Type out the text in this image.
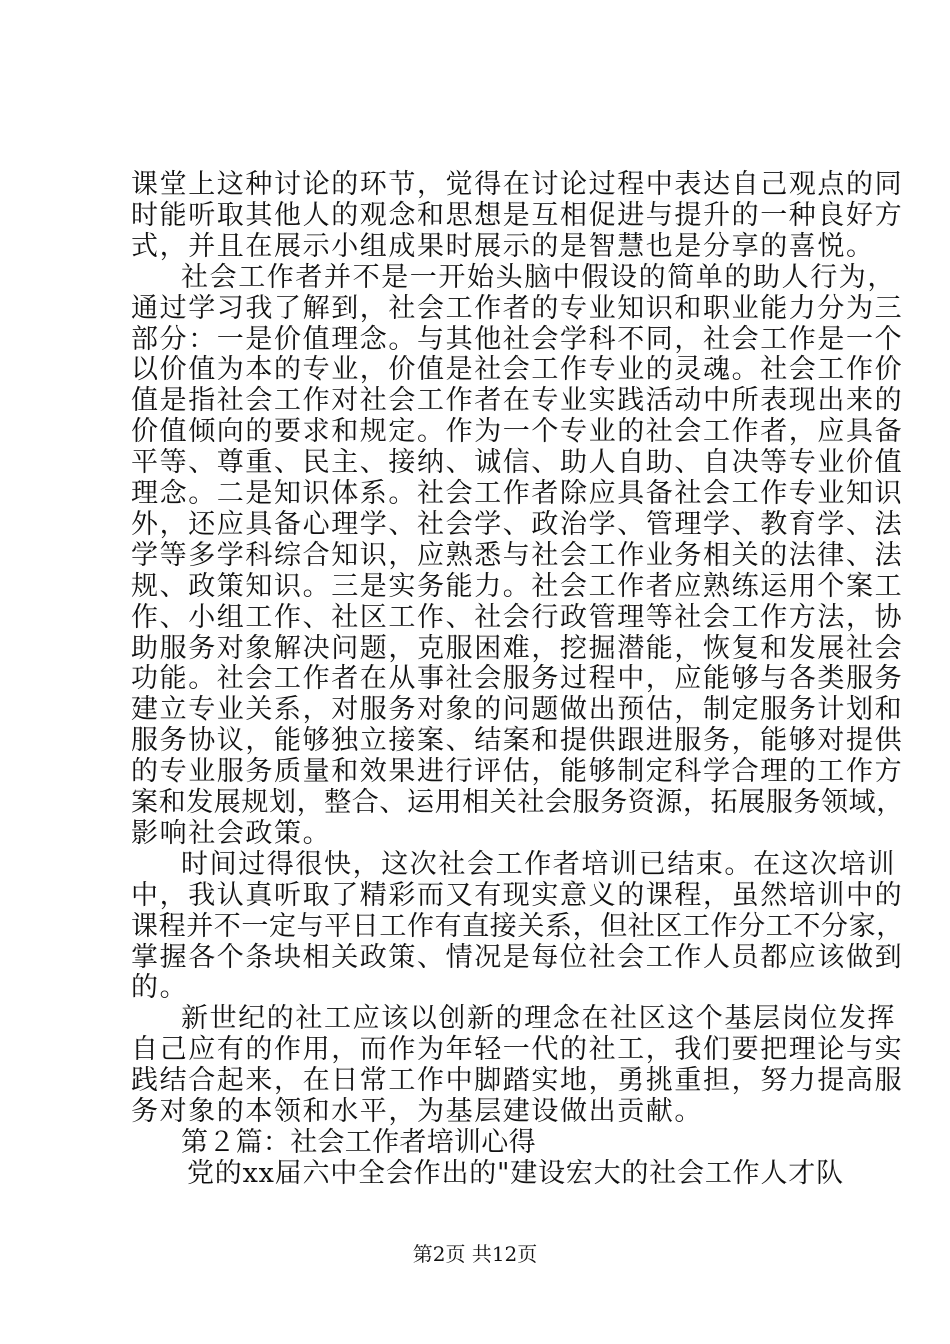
课堂上这种讨论的环节，觉得在讨论过程中表达自己观点的同
时能听取其他人的观念和思想是互相促进与提升的一种良好方
式，并且在展示小组成果时展示的是智慧也是分享的喜悦。
社会工作者并不是一开始头脑中假设的简单的助人行为，
通过学习我了解到，社会工作者的专业知识和职业能力分为三
部分：一是价值理念。与其他社会学科不同，社会工作是一个
以价值为本的专业，价值是社会工作专业的灵魂。社会工作价
值是指社会工作对社会工作者在专业实践活动中所表现出来的
价值倾向的要求和规定。作为一个专业的社会工作者，应具备
平等、尊重、民主、接纳、诚信、助人自助、自决等专业价值
理念。二是知识体系。社会工作者除应具备社会工作专业知识
外，还应具备心理学、社会学、政治学、管理学、教育学、法
学等多学科综合知识，应熟悉与社会工作业务相关的法律、法
规、政策知识。三是实务能力。社会工作者应熟练运用个案工
作、小组工作、社区工作、社会行政管理等社会工作方法，协
助服务对象解决问题，克服困难，挖掘潜能，恢复和发展社会
功能。社会工作者在从事社会服务过程中，应能够与各类服务
建立专业关系，对服务对象的问题做出预估，制定服务计划和
服务协议，能够独立接案、结案和提供跟进服务，能够对提供
的专业服务质量和效果进行评估，能够制定科学合理的工作方
案和发展规划，整合、运用相关社会服务资源，拓展服务领域，
影响社会政策。
时间过得很快，这次社会工作者培训已结束。在这次培训
中，我认真听取了精彩而又有现实意义的课程，虽然培训中的
课程并不一定与平日工作有直接关系，但社区工作分工不分家，
掌握各个条块相关政策、情况是每位社会工作人员都应该做到
的。
新世纪的社工应该以创新的理念在社区这个基层岗位发挥
自己应有的作用，而作为年轻一代的社工，我们要把理论与实
践结合起来，在日常工作中脚踏实地，勇挑重担，努力提高服
务对象的本领和水平，为基层建设做出贡献。
第２篇：社会工作者培训心得
党的xx届六中全会作出的"建设宏大的社会工作人才队
第2页 共12页
